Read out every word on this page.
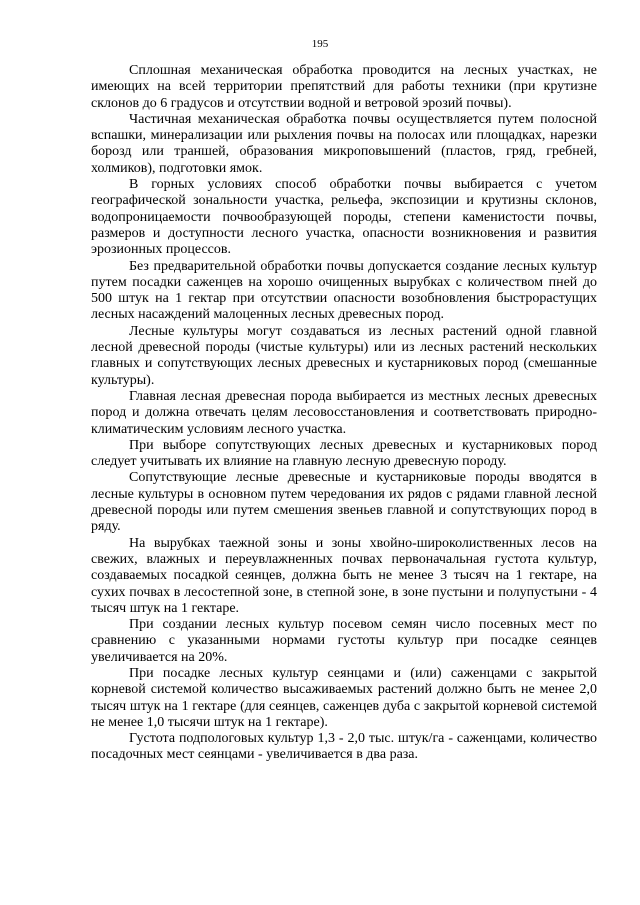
195

Сплошная механическая обработка проводится на лесных участках, не имеющих на всей территории препятствий для работы техники (при крутизне склонов до 6 градусов и отсутствии водной и ветровой эрозий почвы).

Частичная механическая обработка почвы осуществляется путем полосной вспашки, минерализации или рыхления почвы на полосах или площадках, нарезки борозд или траншей, образования микроповышений (пластов, гряд, гребней, холмиков), подготовки ямок.

В горных условиях способ обработки почвы выбирается с учетом географической зональности участка, рельефа, экспозиции и крутизны склонов, водопроницаемости почвообразующей породы, степени каменистости почвы, размеров и доступности лесного участка, опасности возникновения и развития эрозионных процессов.

Без предварительной обработки почвы допускается создание лесных культур путем посадки саженцев на хорошо очищенных вырубках с количеством пней до 500 штук на 1 гектар при отсутствии опасности возобновления быстрорастущих лесных насаждений малоценных лесных древесных пород.

Лесные культуры могут создаваться из лесных растений одной главной лесной древесной породы (чистые культуры) или из лесных растений нескольких главных и сопутствующих лесных древесных и кустарниковых пород (смешанные культуры).

Главная лесная древесная порода выбирается из местных лесных древесных пород и должна отвечать целям лесовосстановления и соответствовать природно-климатическим условиям лесного участка.

При выборе сопутствующих лесных древесных и кустарниковых пород следует учитывать их влияние на главную лесную древесную породу.

Сопутствующие лесные древесные и кустарниковые породы вводятся в лесные культуры в основном путем чередования их рядов с рядами главной лесной древесной породы или путем смешения звеньев главной и сопутствующих пород в ряду.

На вырубках таежной зоны и зоны хвойно-широколиственных лесов на свежих, влажных и переувлажненных почвах первоначальная густота культур, создаваемых посадкой сеянцев, должна быть не менее 3 тысяч на 1 гектаре, на сухих почвах в лесостепной зоне, в степной зоне, в зоне пустыни и полупустыни - 4 тысяч штук на 1 гектаре.

При создании лесных культур посевом семян число посевных мест по сравнению с указанными нормами густоты культур при посадке сеянцев увеличивается на 20%.

При посадке лесных культур сеянцами и (или) саженцами с закрытой корневой системой количество высаживаемых растений должно быть не менее 2,0 тысяч штук на 1 гектаре (для сеянцев, саженцев дуба с закрытой корневой системой не менее 1,0 тысячи штук на 1 гектаре).

Густота подпологовых культур 1,3 - 2,0 тыс. штук/га - саженцами, количество посадочных мест сеянцами - увеличивается в два раза.
